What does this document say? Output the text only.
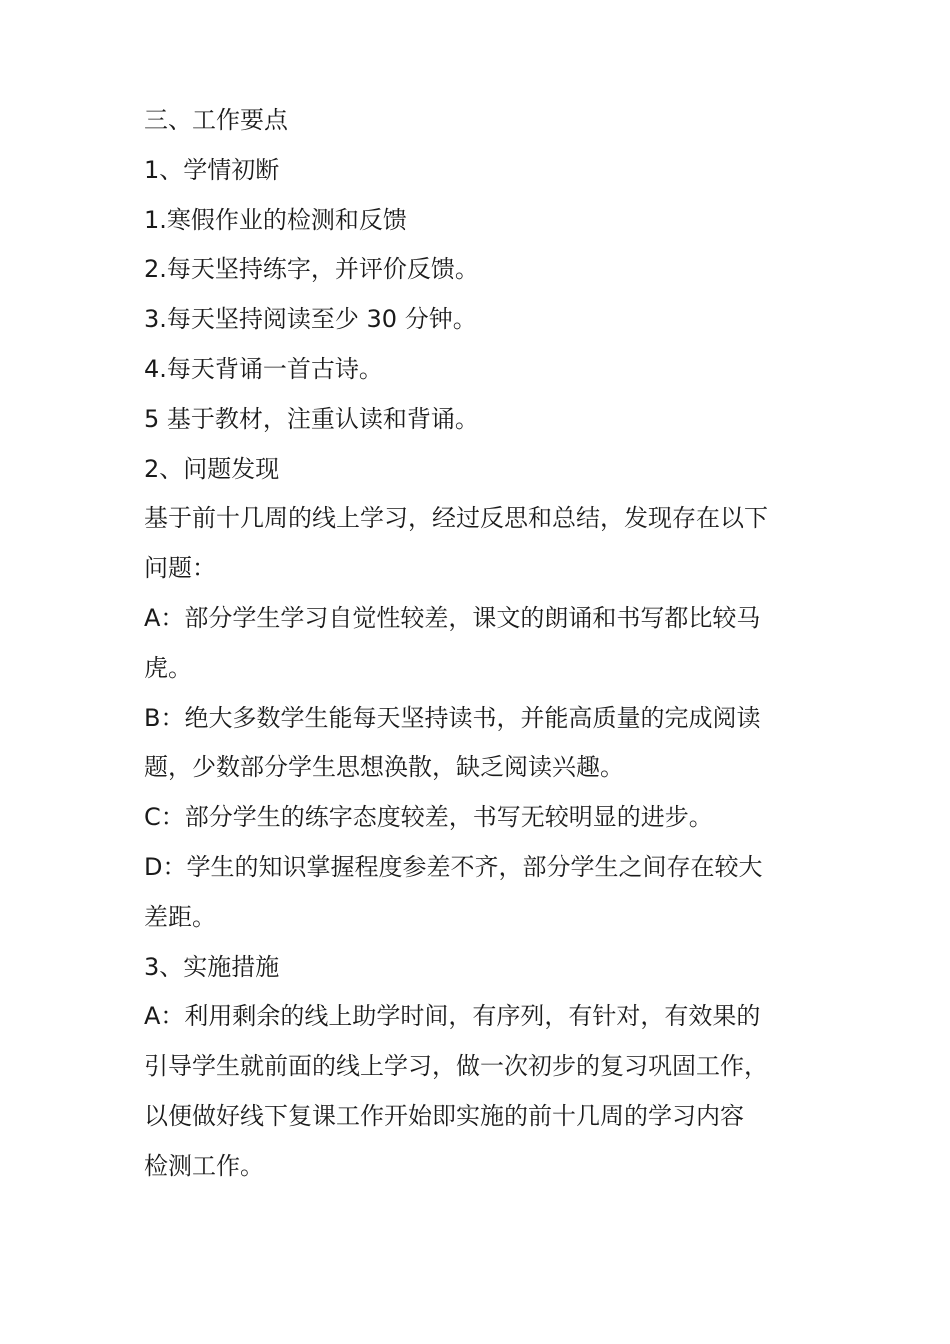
三、工作要点

1、学情初断

1.寒假作业的检测和反馈

2.每天坚持练字，并评价反馈。

3.每天坚持阅读至少 30 分钟。

4.每天背诵一首古诗。

5 基于教材，注重认读和背诵。

2、问题发现

基于前十几周的线上学习，经过反思和总结，发现存在以下

问题：

A：部分学生学习自觉性较差，课文的朗诵和书写都比较马

虎。

B：绝大多数学生能每天坚持读书，并能高质量的完成阅读

题，少数部分学生思想涣散，缺乏阅读兴趣。

C：部分学生的练字态度较差，书写无较明显的进步。

D：学生的知识掌握程度参差不齐，部分学生之间存在较大

差距。

3、实施措施

A：利用剩余的线上助学时间，有序列，有针对，有效果的

引导学生就前面的线上学习，做一次初步的复习巩固工作，

以便做好线下复课工作开始即实施的前十几周的学习内容

检测工作。
